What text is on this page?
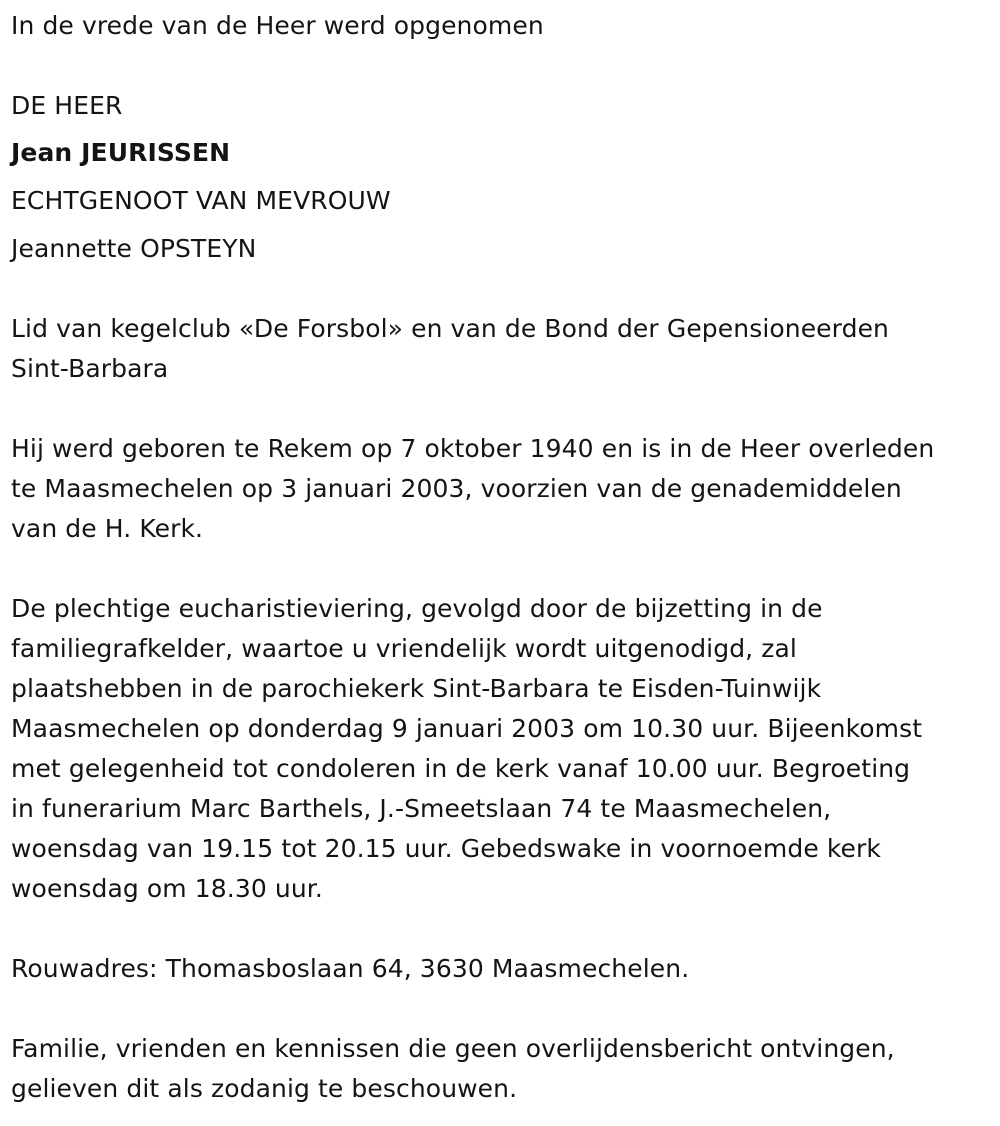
In de vrede van de Heer werd opgenomen
DE HEER
Jean JEURISSEN
ECHTGENOOT VAN MEVROUW
Jeannette OPSTEYN
Lid van kegelclub «De Forsbol» en van de Bond der Gepensioneerden
Sint-Barbara
Hij werd geboren te Rekem op 7 oktober 1940 en is in de Heer overleden
te Maasmechelen op 3 januari 2003, voorzien van de genademiddelen
van de H. Kerk.
De plechtige eucharistieviering, gevolgd door de bijzetting in de
familiegrafkelder, waartoe u vriendelijk wordt uitgenodigd, zal
plaatshebben in de parochiekerk Sint-Barbara te Eisden-Tuinwijk
Maasmechelen op donderdag 9 januari 2003 om 10.30 uur. Bijeenkomst
met gelegenheid tot condoleren in de kerk vanaf 10.00 uur. Begroeting
in funerarium Marc Barthels, J.-Smeetslaan 74 te Maasmechelen,
woensdag van 19.15 tot 20.15 uur. Gebedswake in voornoemde kerk
woensdag om 18.30 uur.
Rouwadres: Thomasboslaan 64, 3630 Maasmechelen.
Familie, vrienden en kennissen die geen overlijdensbericht ontvingen,
gelieven dit als zodanig te beschouwen.
